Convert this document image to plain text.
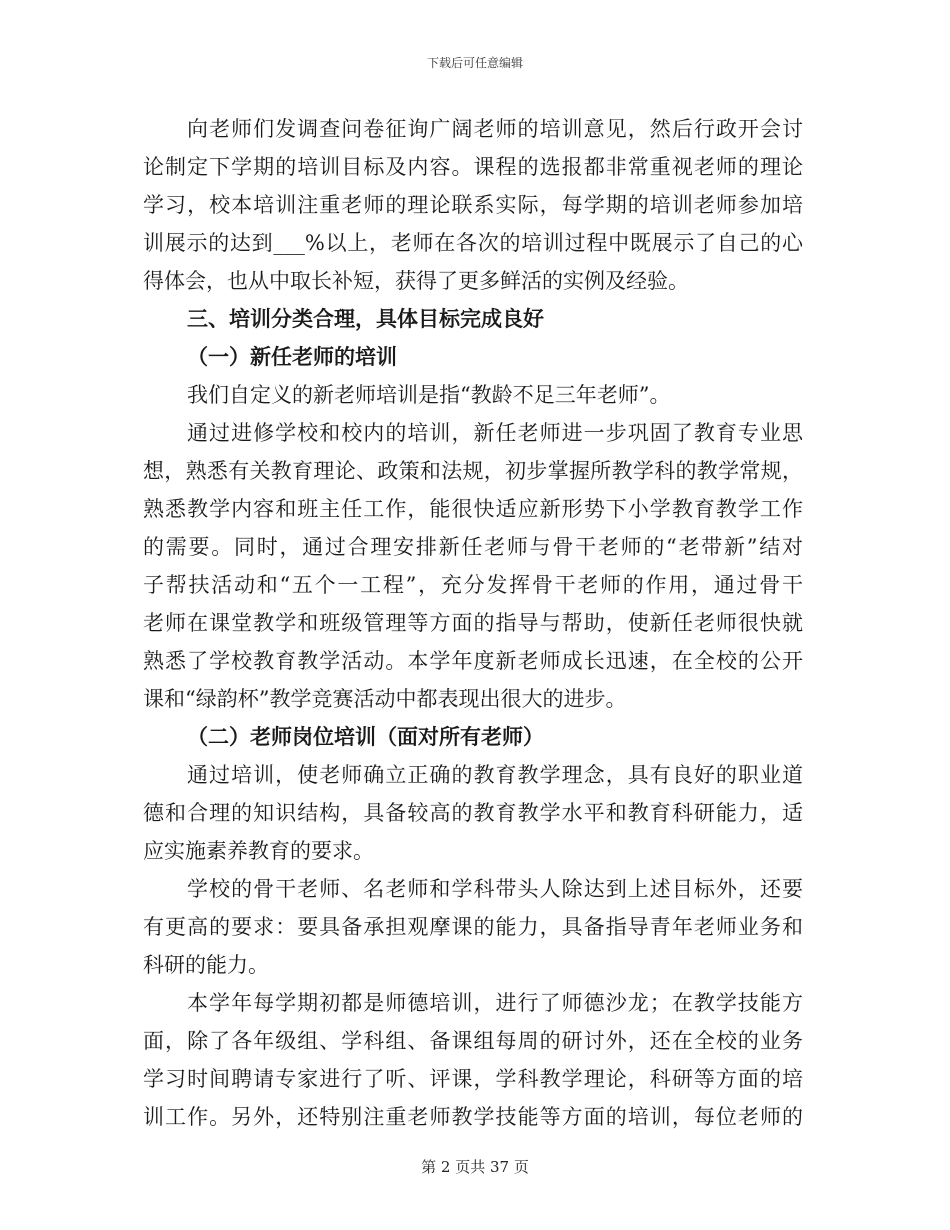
下载后可任意编辑
向老师们发调查问卷征询广阔老师的培训意见，然后行政开会讨
论制定下学期的培训目标及内容。课程的选报都非常重视老师的理论
学习，校本培训注重老师的理论联系实际，每学期的培训老师参加培
训展示的达到___%以上，老师在各次的培训过程中既展示了自己的心
得体会，也从中取长补短，获得了更多鲜活的实例及经验。
三、培训分类合理，具体目标完成良好
（一）新任老师的培训
我们自定义的新老师培训是指“教龄不足三年老师”。
通过进修学校和校内的培训，新任老师进一步巩固了教育专业思
想，熟悉有关教育理论、政策和法规，初步掌握所教学科的教学常规，
熟悉教学内容和班主任工作，能很快适应新形势下小学教育教学工作
的需要。同时，通过合理安排新任老师与骨干老师的“老带新”结对
子帮扶活动和“五个一工程”，充分发挥骨干老师的作用，通过骨干
老师在课堂教学和班级管理等方面的指导与帮助，使新任老师很快就
熟悉了学校教育教学活动。本学年度新老师成长迅速，在全校的公开
课和“绿韵杯”教学竞赛活动中都表现出很大的进步。
（二）老师岗位培训（面对所有老师）
通过培训，使老师确立正确的教育教学理念，具有良好的职业道
德和合理的知识结构，具备较高的教育教学水平和教育科研能力，适
应实施素养教育的要求。
学校的骨干老师、名老师和学科带头人除达到上述目标外，还要
有更高的要求：要具备承担观摩课的能力，具备指导青年老师业务和
科研的能力。
本学年每学期初都是师德培训，进行了师德沙龙；在教学技能方
面，除了各年级组、学科组、备课组每周的研讨外，还在全校的业务
学习时间聘请专家进行了听、评课，学科教学理论，科研等方面的培
训工作。另外，还特别注重老师教学技能等方面的培训，每位老师的
第 2 页共 37 页
